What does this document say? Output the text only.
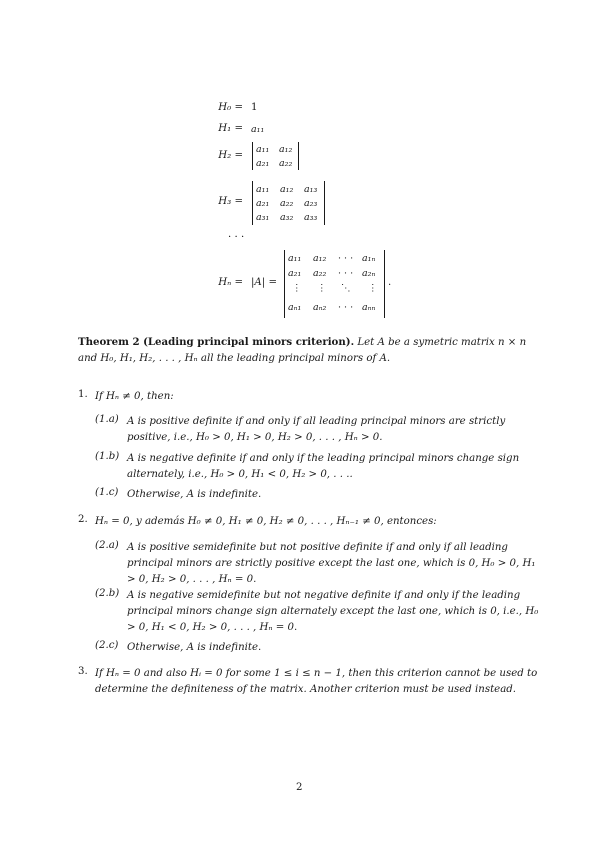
H₀ = 1
H₁ = a₁₁
H₂ =
a₁₁ a₁₂
a₂₁ a₂₂
H₃ =
a₁₁ a₁₂ a₁₃
a₂₁ a₂₂ a₂₃
a₃₁ a₃₂ a₃₃
· · ·
Hₙ = |A| =
a₁₁ a₁₂ · · · a₁ₙ
a₂₁ a₂₂ · · · a₂ₙ
⋮ ⋮ ⋱ ⋮
aₙ₁ aₙ₂ · · · aₙₙ
.
Theorem 2 (Leading principal minors criterion). Let A be a symetric matrix n × n and H₀, H₁, H₂, . . . , Hₙ all the leading principal minors of A.
1. If Hₙ ≠ 0, then:
(1.a) A is positive definite if and only if all leading principal minors are strictly positive, i.e., H₀ > 0, H₁ > 0, H₂ > 0, . . . , Hₙ > 0.
(1.b) A is negative definite if and only if the leading principal minors change sign alternately, i.e., H₀ > 0, H₁ < 0, H₂ > 0, . . ..
(1.c) Otherwise, A is indefinite.
2. Hₙ = 0, y además H₀ ≠ 0, H₁ ≠ 0, H₂ ≠ 0, . . . , Hₙ₋₁ ≠ 0, entonces:
(2.a) A is positive semidefinite but not positive definite if and only if all leading principal minors are strictly positive except the last one, which is 0, H₀ > 0, H₁ > 0, H₂ > 0, . . . , Hₙ = 0.
(2.b) A is negative semidefinite but not negative definite if and only if the leading principal minors change sign alternately except the last one, which is 0, i.e., H₀ > 0, H₁ < 0, H₂ > 0, . . . , Hₙ = 0.
(2.c) Otherwise, A is indefinite.
3. If Hₙ = 0 and also Hᵢ = 0 for some 1 ≤ i ≤ n − 1, then this criterion cannot be used to determine the definiteness of the matrix. Another criterion must be used instead.
2
